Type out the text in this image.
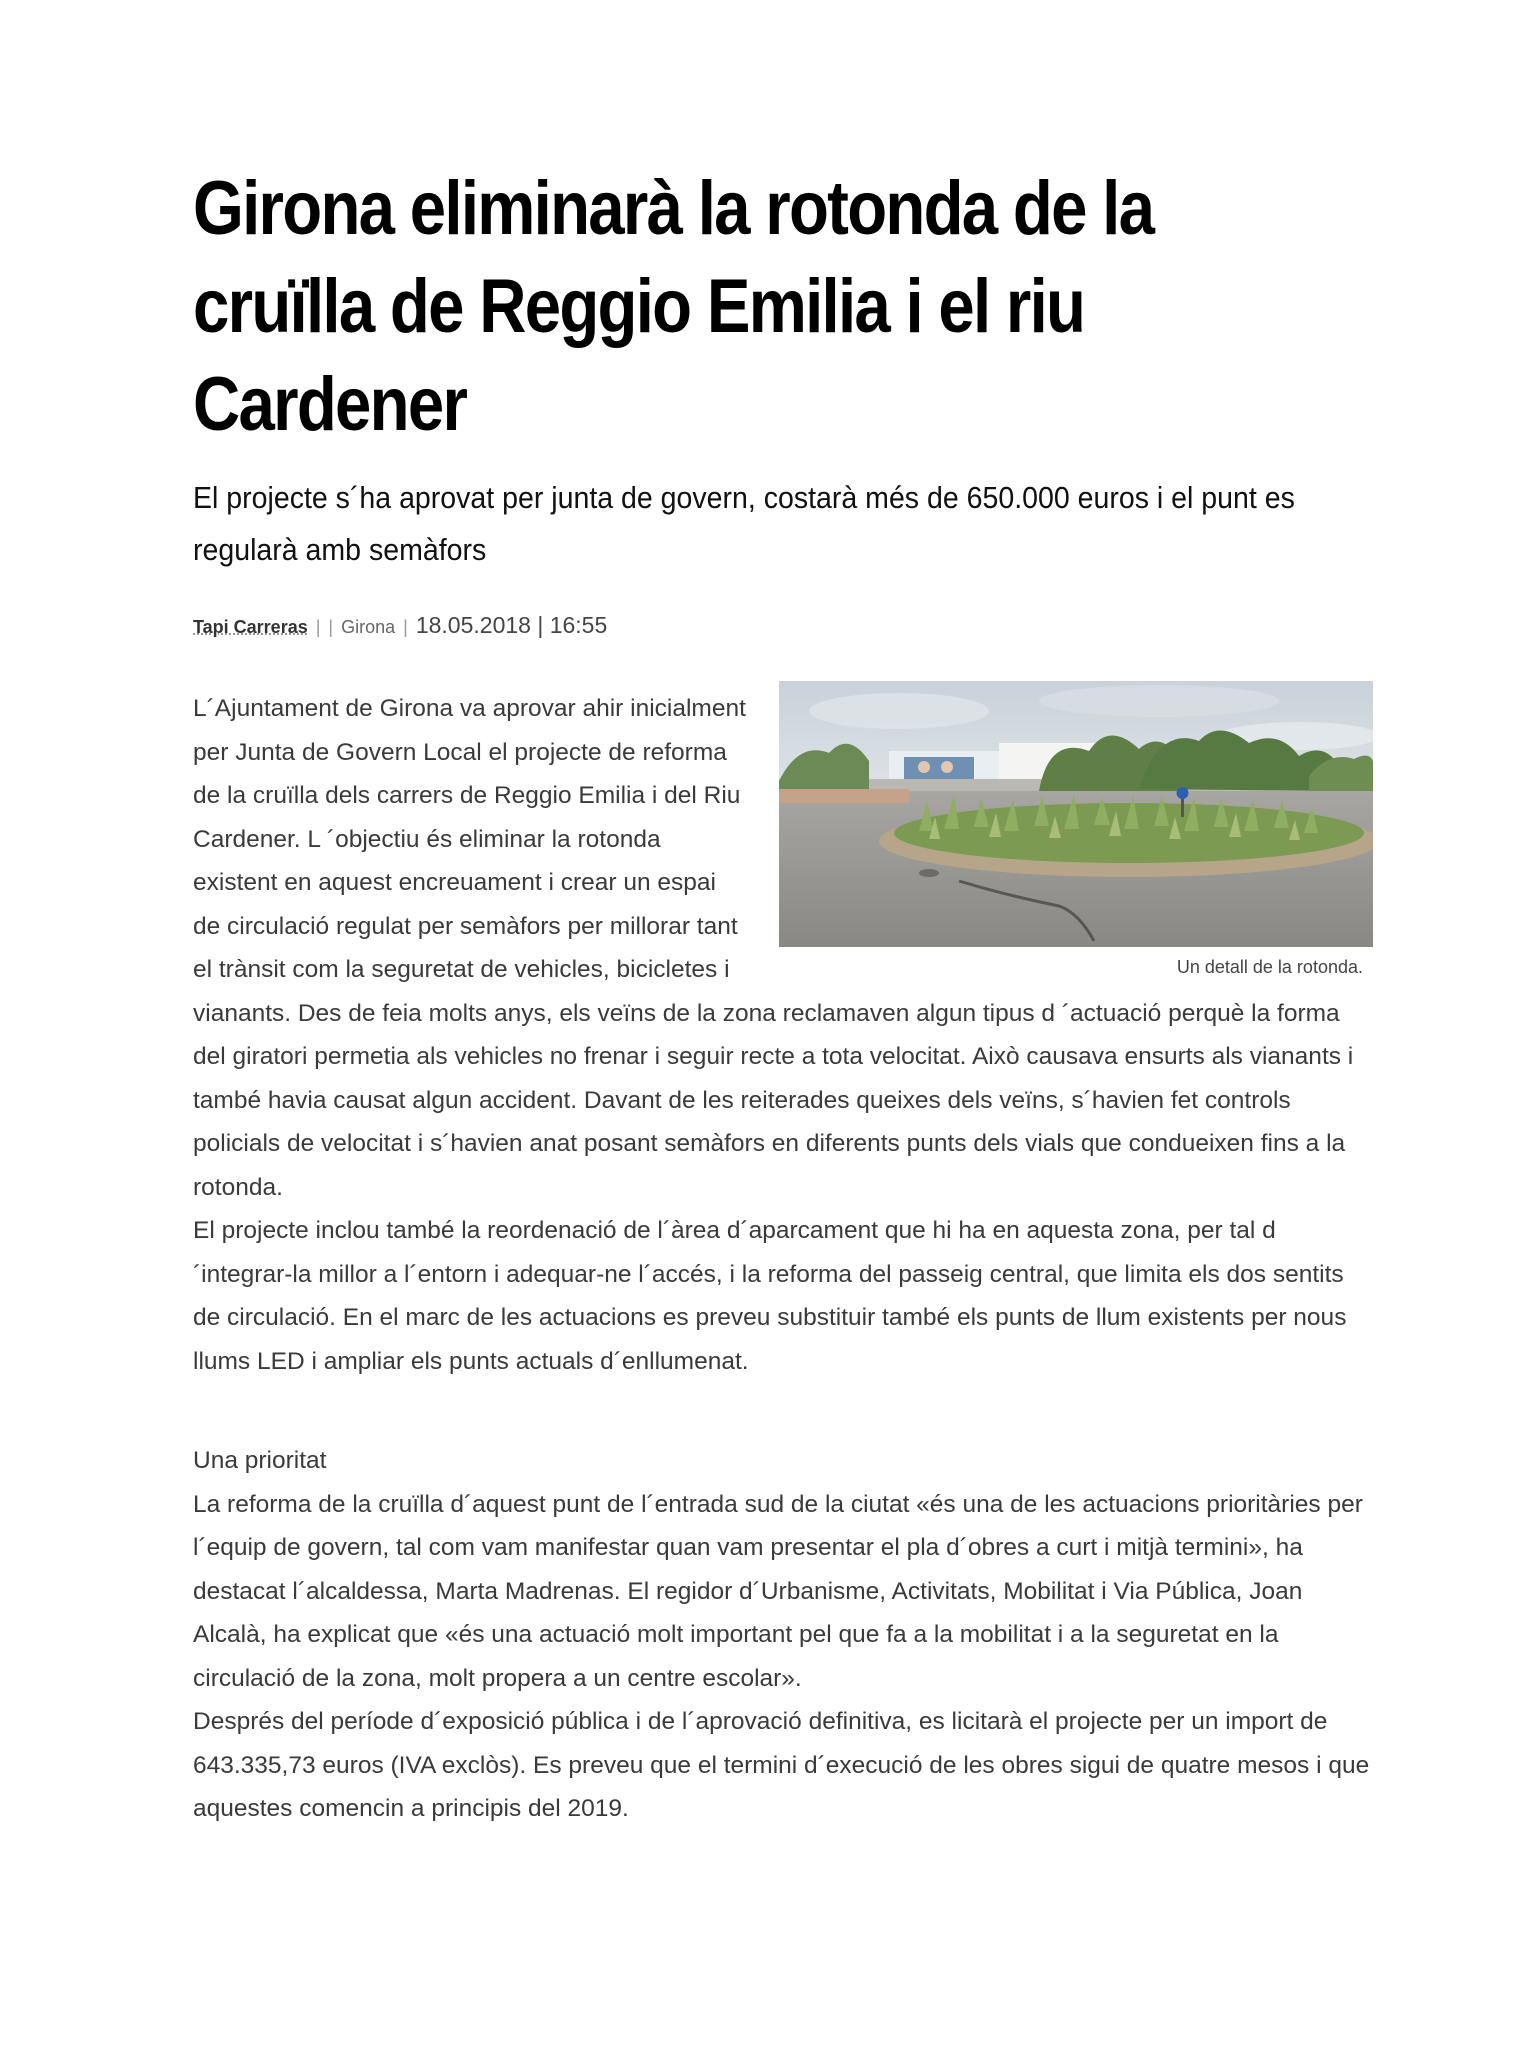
Girona eliminarà la rotonda de la cruïlla de Reggio Emilia i el riu Cardener
El projecte s´ha aprovat per junta de govern, costarà més de 650.000 euros i el punt es regularà amb semàfors
Tapi Carreras | | Girona | 18.05.2018 | 16:55
Un detall de la rotonda.

L´Ajuntament de Girona va aprovar ahir inicialment per Junta de Govern Local el projecte de reforma de la cruïlla dels carrers de Reggio Emilia i del Riu Cardener. L ´objectiu és eliminar la rotonda existent en aquest encreuament i crear un espai de circulació regulat per semàfors per millorar tant el trànsit com la seguretat de vehicles, bicicletes i vianants. Des de feia molts anys, els veïns de la zona reclamaven algun tipus d ´actuació perquè la forma del giratori permetia als vehicles no frenar i seguir recte a tota velocitat. Això causava ensurts als vianants i també havia causat algun accident. Davant de les reiterades queixes dels veïns, s´havien fet controls policials de velocitat i s´havien anat posant semàfors en diferents punts dels vials que condueixen fins a la rotonda.

El projecte inclou també la reordenació de l´àrea d´aparcament que hi ha en aquesta zona, per tal d´integrar-la millor a l´entorn i adequar-ne l´accés, i la reforma del passeig central, que limita els dos sentits de circulació. En el marc de les actuacions es preveu substituir també els punts de llum existents per nous llums LED i ampliar els punts actuals d´enllumenat.

Una prioritat

La reforma de la cruïlla d´aquest punt de l´entrada sud de la ciutat «és una de les actuacions prioritàries per l´equip de govern, tal com vam manifestar quan vam presentar el pla d´obres a curt i mitjà termini», ha destacat l´alcaldessa, Marta Madrenas. El regidor d´Urbanisme, Activitats, Mobilitat i Via Pública, Joan Alcalà, ha explicat que «és una actuació molt important pel que fa a la mobilitat i a la seguretat en la circulació de la zona, molt propera a un centre escolar».

Després del període d´exposició pública i de l´aprovació definitiva, es licitarà el projecte per un import de 643.335,73 euros (IVA exclòs). Es preveu que el termini d´execució de les obres sigui de quatre mesos i que aquestes comencin a principis del 2019.
